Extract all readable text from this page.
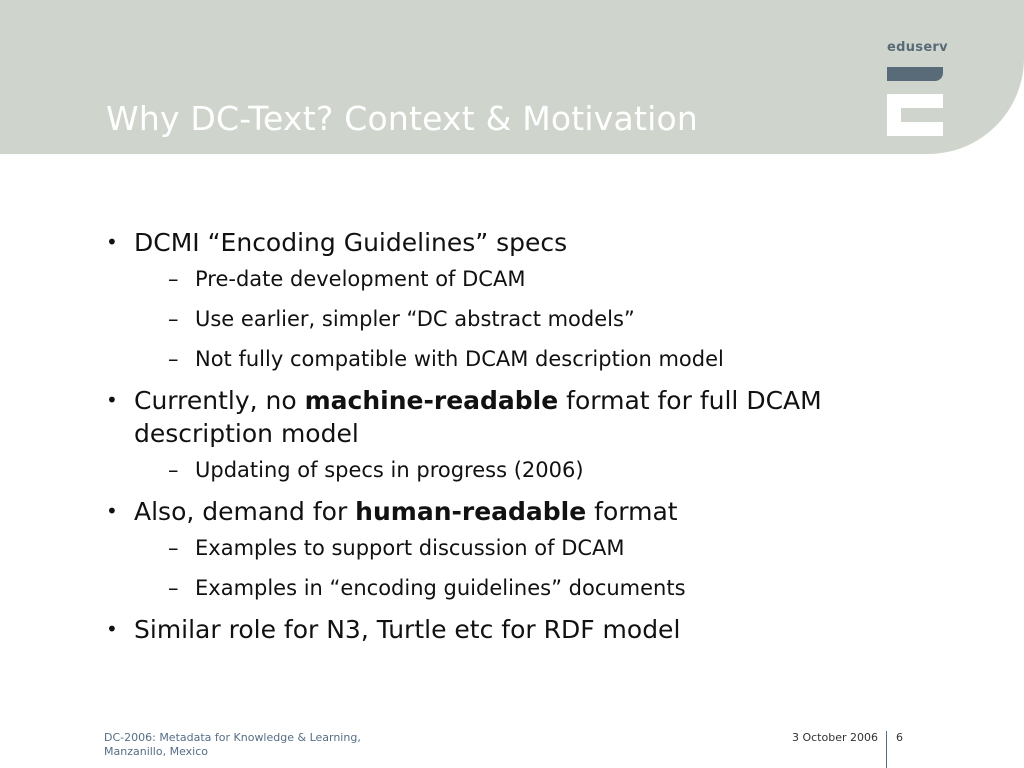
Why DC-Text? Context & Motivation
eduserv
• DCMI “Encoding Guidelines” specs
– Pre-date development of DCAM
– Use earlier, simpler “DC abstract models”
– Not fully compatible with DCAM description model
• Currently, no machine-readable format for full DCAM description model
– Updating of specs in progress (2006)
• Also, demand for human-readable format
– Examples to support discussion of DCAM
– Examples in “encoding guidelines” documents
• Similar role for N3, Turtle etc for RDF model
DC-2006: Metadata for Knowledge & Learning,
Manzanillo, Mexico
3 October 2006 6
